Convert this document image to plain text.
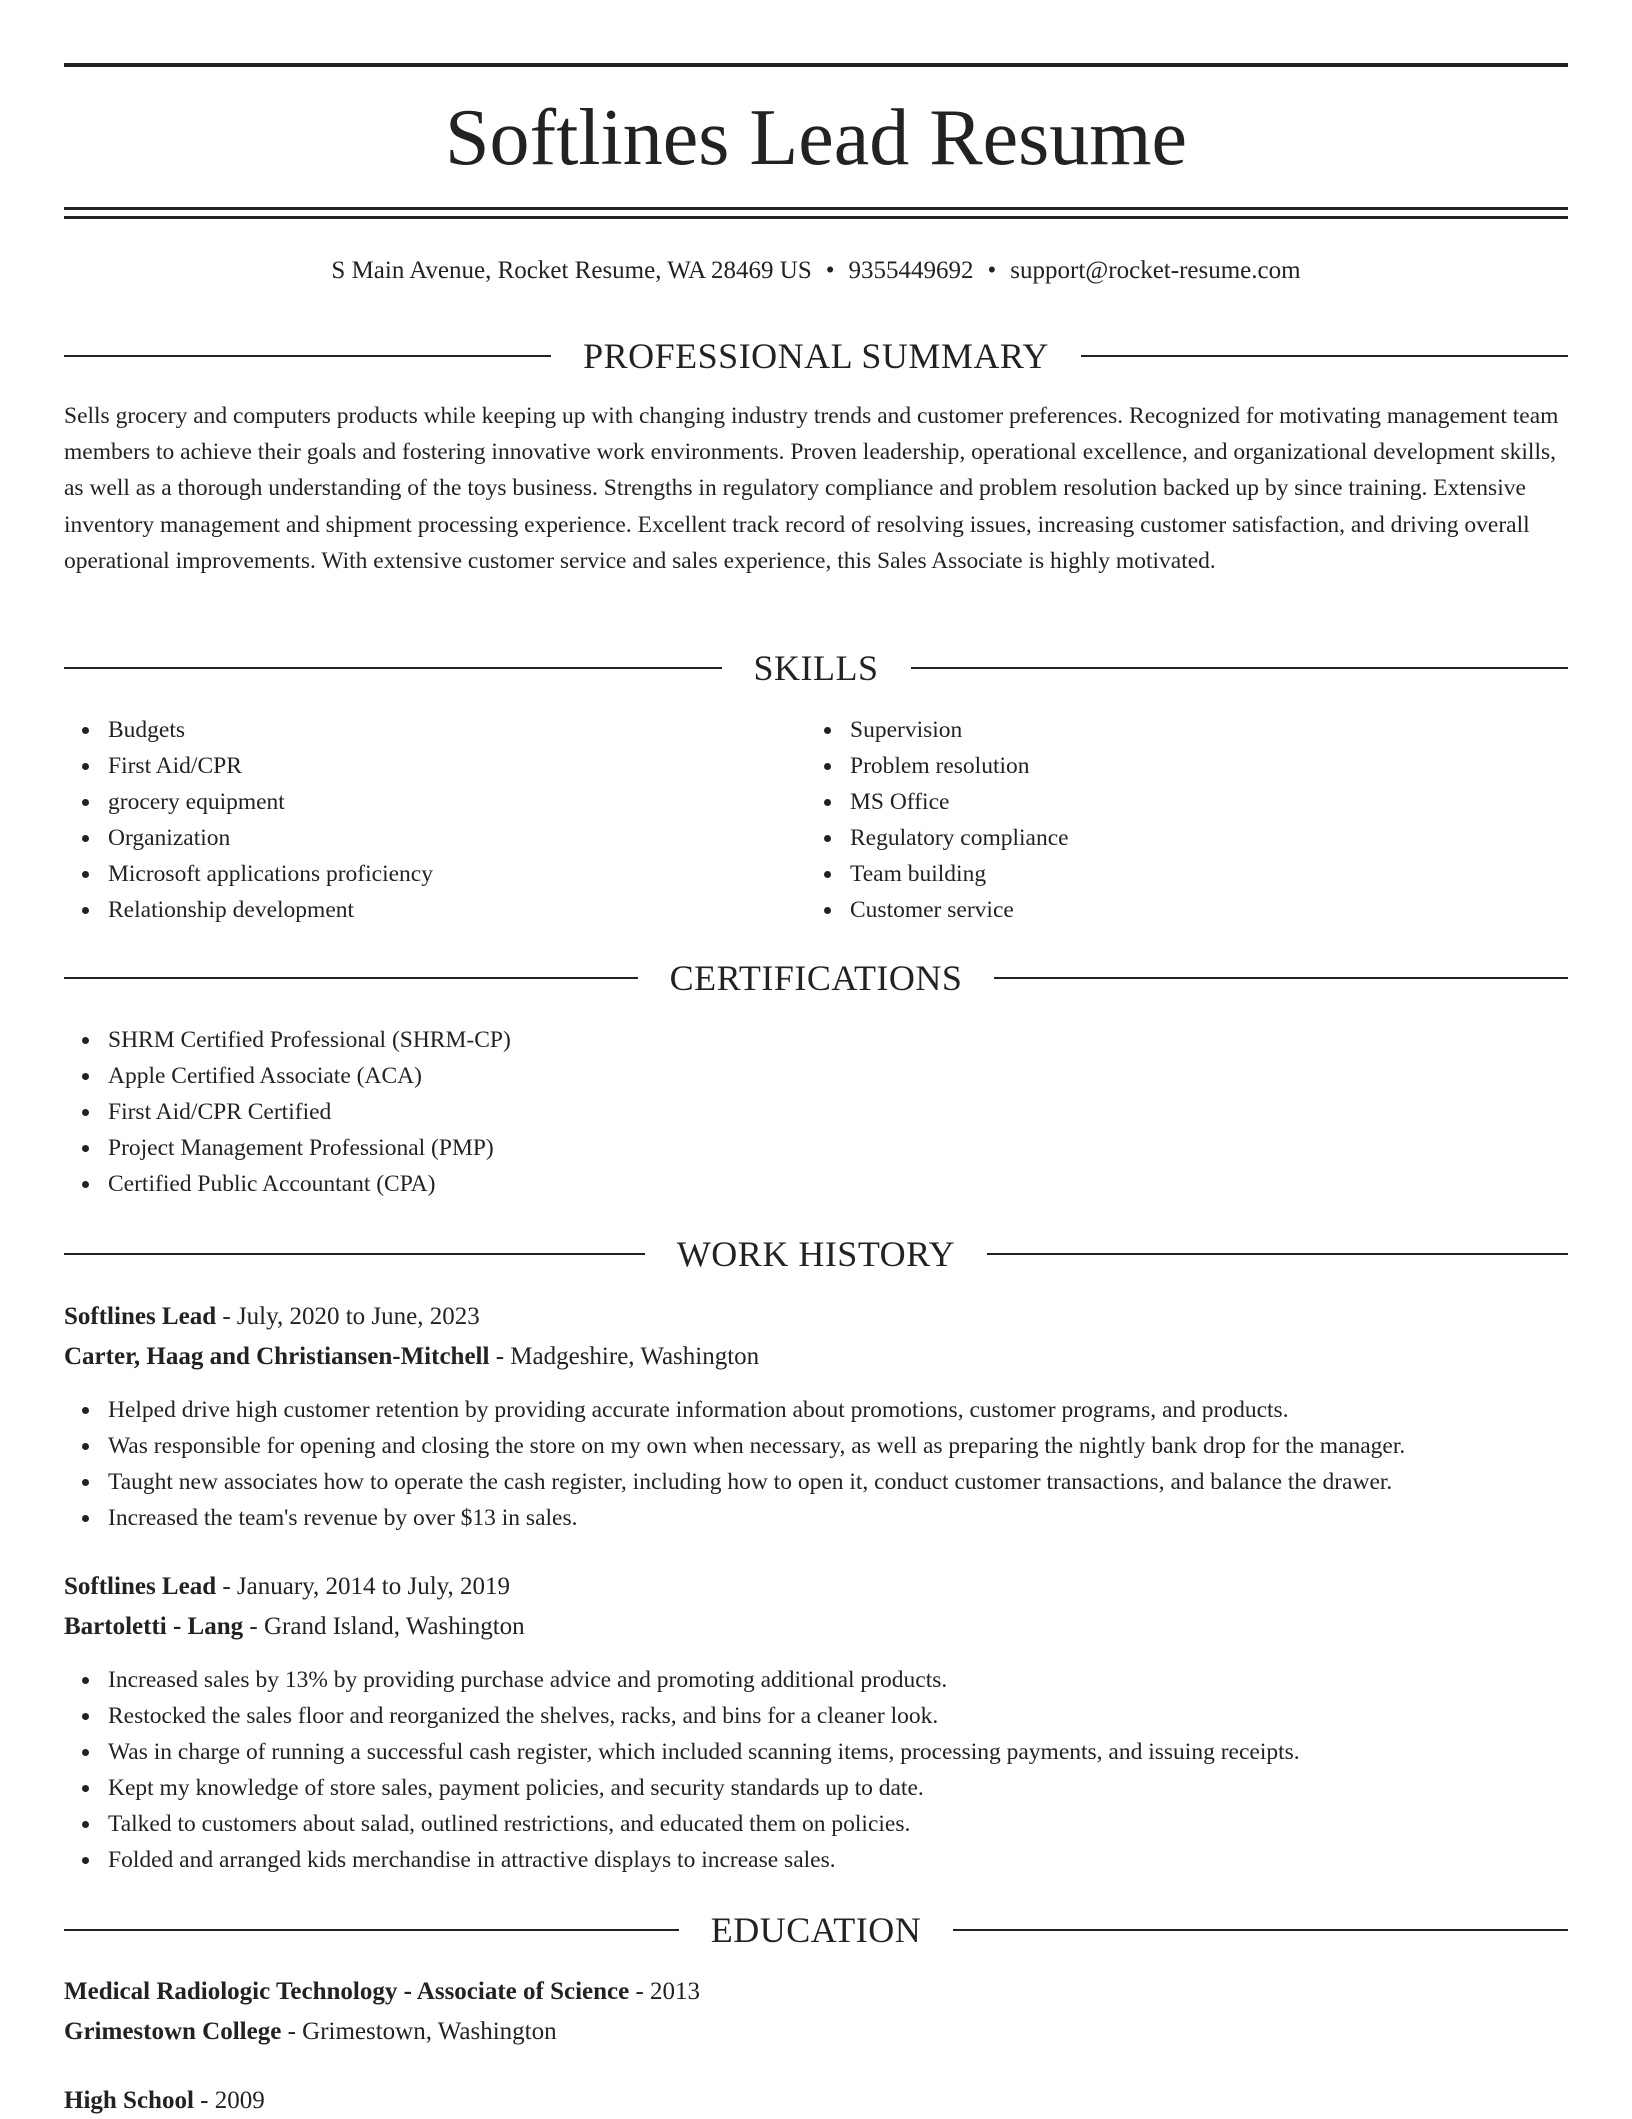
Softlines Lead Resume
S Main Avenue, Rocket Resume, WA 28469 US • 9355449692 • support@rocket-resume.com
PROFESSIONAL SUMMARY

Sells grocery and computers products while keeping up with changing industry trends and customer preferences. Recognized for motivating management team members to achieve their goals and fostering innovative work environments. Proven leadership, operational excellence, and organizational development skills, as well as a thorough understanding of the toys business. Strengths in regulatory compliance and problem resolution backed up by since training. Extensive inventory management and shipment processing experience. Excellent track record of resolving issues, increasing customer satisfaction, and driving overall operational improvements. With extensive customer service and sales experience, this Sales Associate is highly motivated.

SKILLS
Budgets
First Aid/CPR
grocery equipment
Organization
Microsoft applications proficiency
Relationship development
Supervision
Problem resolution
MS Office
Regulatory compliance
Team building
Customer service
CERTIFICATIONS
SHRM Certified Professional (SHRM-CP)
Apple Certified Associate (ACA)
First Aid/CPR Certified
Project Management Professional (PMP)
Certified Public Accountant (CPA)
WORK HISTORY
Softlines Lead - July, 2020 to June, 2023
Carter, Haag and Christiansen-Mitchell - Madgeshire, Washington
Helped drive high customer retention by providing accurate information about promotions, customer programs, and products.
Was responsible for opening and closing the store on my own when necessary, as well as preparing the nightly bank drop for the manager.
Taught new associates how to operate the cash register, including how to open it, conduct customer transactions, and balance the drawer.
Increased the team's revenue by over $13 in sales.
Softlines Lead - January, 2014 to July, 2019
Bartoletti - Lang - Grand Island, Washington
Increased sales by 13% by providing purchase advice and promoting additional products.
Restocked the sales floor and reorganized the shelves, racks, and bins for a cleaner look.
Was in charge of running a successful cash register, which included scanning items, processing payments, and issuing receipts.
Kept my knowledge of store sales, payment policies, and security standards up to date.
Talked to customers about salad, outlined restrictions, and educated them on policies.
Folded and arranged kids merchandise in attractive displays to increase sales.
EDUCATION
Medical Radiologic Technology - Associate of Science - 2013
Grimestown College - Grimestown, Washington
High School - 2009
